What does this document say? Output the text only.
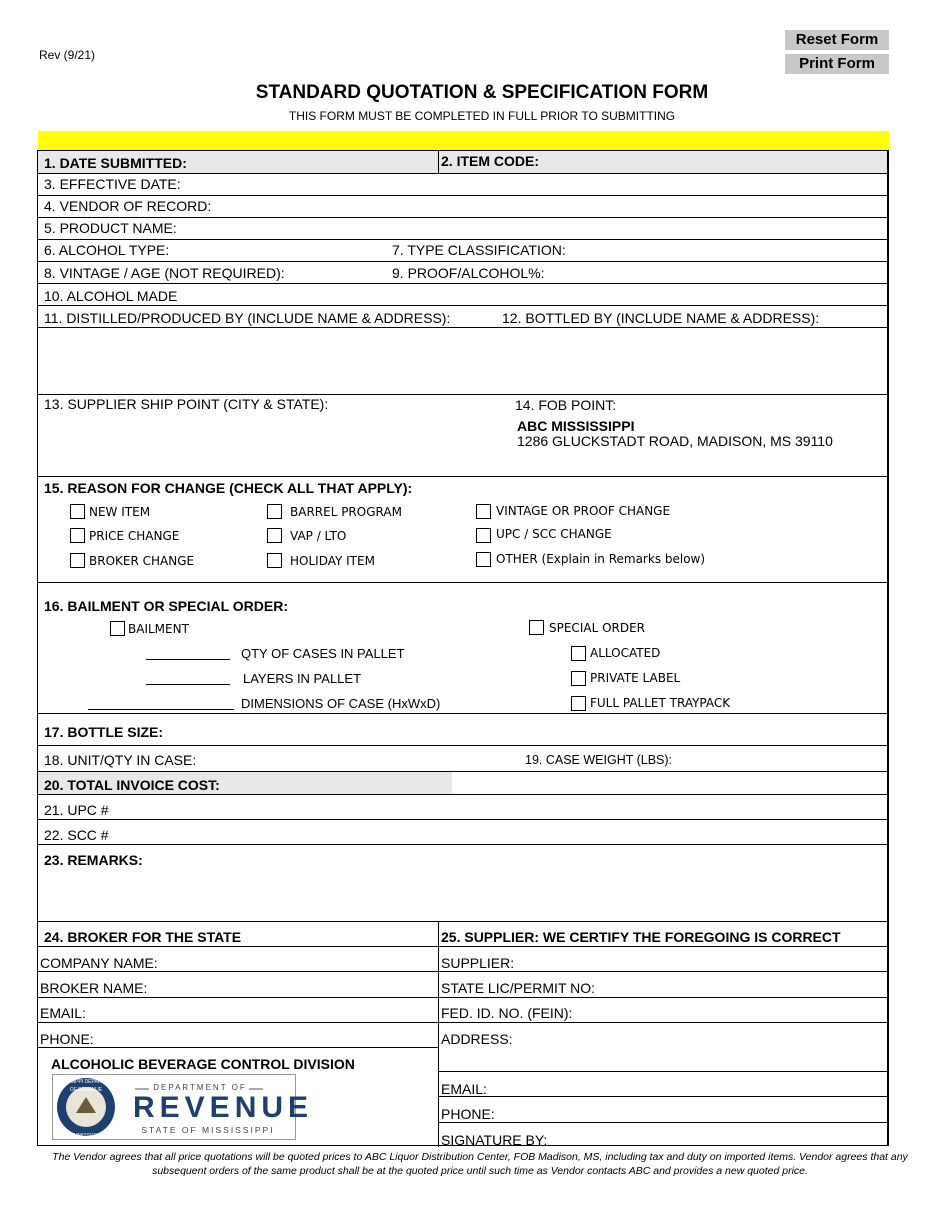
Rev (9/21)
Reset Form
Print Form
STANDARD QUOTATION & SPECIFICATION FORM
THIS FORM MUST BE COMPLETED IN FULL PRIOR TO SUBMITTING
1. DATE SUBMITTED:	2. ITEM CODE:
3. EFFECTIVE DATE:
4. VENDOR OF RECORD:
5. PRODUCT NAME:
6. ALCOHOL TYPE:	7. TYPE CLASSIFICATION:
8. VINTAGE / AGE (NOT REQUIRED):	9. PROOF/ALCOHOL%:
10. ALCOHOL MADE
11. DISTILLED/PRODUCED BY (INCLUDE NAME & ADDRESS):	12. BOTTLED BY (INCLUDE NAME & ADDRESS):
13. SUPPLIER SHIP POINT (CITY & STATE):	14. FOB POINT:
ABC MISSISSIPPI
1286 GLUCKSTADT ROAD, MADISON, MS 39110
15. REASON FOR CHANGE (CHECK ALL THAT APPLY):
NEW ITEM
PRICE CHANGE
BROKER CHANGE
BARREL PROGRAM
VAP / LTO
HOLIDAY ITEM
VINTAGE OR PROOF CHANGE
UPC / SCC CHANGE
OTHER (Explain in Remarks below)
16. BAILMENT OR SPECIAL ORDER:
BAILMENT
QTY OF CASES IN PALLET
LAYERS IN PALLET
DIMENSIONS OF CASE (HxWxD)
SPECIAL ORDER
ALLOCATED
PRIVATE LABEL
FULL PALLET TRAYPACK
17. BOTTLE SIZE:
18. UNIT/QTY IN CASE:	19. CASE WEIGHT (LBS):
20. TOTAL INVOICE COST:
21. UPC #
22. SCC #
23. REMARKS:
24. BROKER FOR THE STATE
COMPANY NAME:
BROKER NAME:
EMAIL:
PHONE:
ALCOHOLIC BEVERAGE CONTROL DIVISION
MISSISSIPPI DEPARTMENT OF REVENUE
COMMISSIONER
DEPARTMENT OF
REVENUE
STATE OF MISSISSIPPI
25. SUPPLIER: WE CERTIFY THE FOREGOING IS CORRECT
SUPPLIER:
STATE LIC/PERMIT NO:
FED. ID. NO. (FEIN):
ADDRESS:
EMAIL:
PHONE:
SIGNATURE BY:
The Vendor agrees that all price quotations will be quoted prices to ABC Liquor Distribution Center, FOB Madison, MS, including tax and duty on imported items. Vendor agrees that any subsequent orders of the same product shall be at the quoted price until such time as Vendor contacts ABC and provides a new quoted price.
